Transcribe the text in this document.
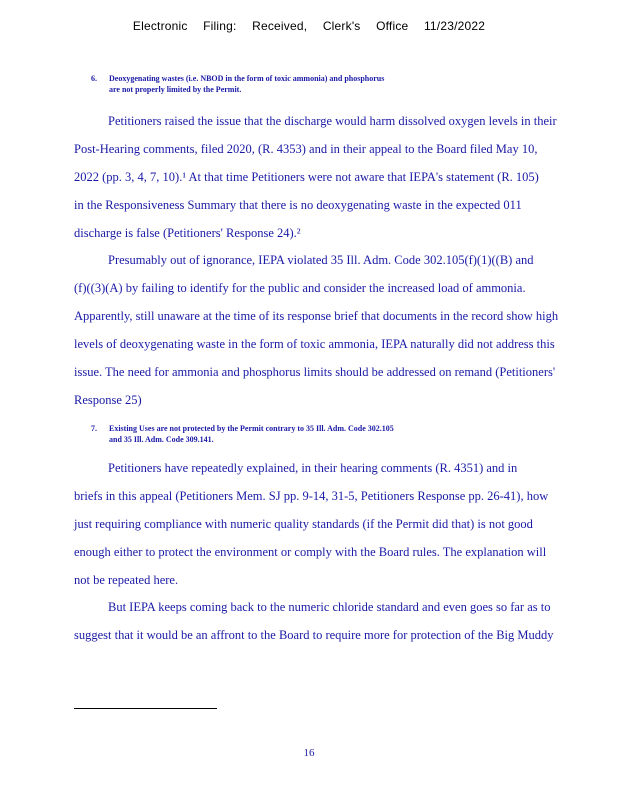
Electronic Filing: Received, Clerk's Office 11/23/2022
6. Deoxygenating wastes (i.e. NBOD in the form of toxic ammonia) and phosphorus
are not properly limited by the Permit.
Petitioners raised the issue that the discharge would harm dissolved oxygen levels in their
Post-Hearing comments, filed 2020, (R. 4353) and in their appeal to the Board filed May 10,
2022 (pp. 3, 4, 7, 10).¹ At that time Petitioners were not aware that IEPA's statement (R. 105)
in the Responsiveness Summary that there is no deoxygenating waste in the expected 011
discharge is false (Petitioners' Response 24).²
Presumably out of ignorance, IEPA violated 35 Ill. Adm. Code 302.105(f)(1)((B) and
(f)((3)(A) by failing to identify for the public and consider the increased load of ammonia.
Apparently, still unaware at the time of its response brief that documents in the record show high
levels of deoxygenating waste in the form of toxic ammonia, IEPA naturally did not address this
issue. The need for ammonia and phosphorus limits should be addressed on remand (Petitioners'
Response 25)
7. Existing Uses are not protected by the Permit contrary to 35 Ill. Adm. Code 302.105
and 35 Ill. Adm. Code 309.141.
Petitioners have repeatedly explained, in their hearing comments (R. 4351) and in
briefs in this appeal (Petitioners Mem. SJ pp. 9-14, 31-5, Petitioners Response pp. 26-41), how
just requiring compliance with numeric quality standards (if the Permit did that) is not good
enough either to protect the environment or comply with the Board rules. The explanation will
not be repeated here.
But IEPA keeps coming back to the numeric chloride standard and even goes so far as to
suggest that it would be an affront to the Board to require more for protection of the Big Muddy
16
